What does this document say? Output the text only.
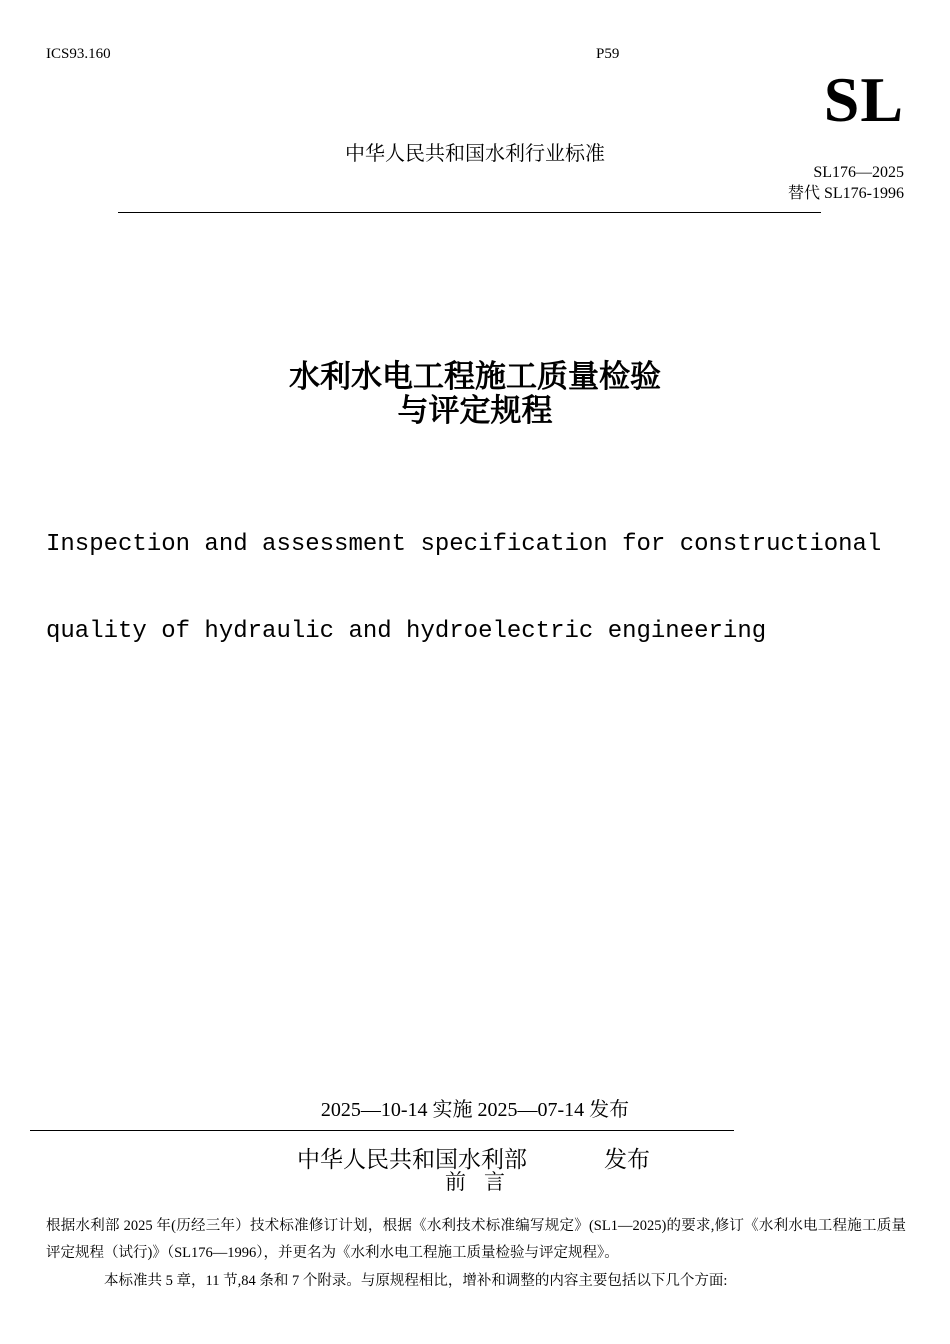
ICS93.160	P59
SL
中华人民共和国水利行业标准
SL176—2025
替代 SL176-1996
水利水电工程施工质量检验
与评定规程

Inspection and assessment specification for constructional

quality of hydraulic and hydroelectric engineering

2025—10-14 实施 2025—07-14 发布
中华人民共和国水利部	发布
前言
根据水利部 2025 年(历经三年）技术标准修订计划，根据《水利技术标准编写规定》(SL1—2025)的要求,修订《水利水电工程施工质量评定规程（试行)》（SL176—1996），并更名为《水利水电工程施工质量检验与评定规程》。
本标准共 5 章，11 节,84 条和 7 个附录。与原规程相比，增补和调整的内容主要包括以下几个方面:
